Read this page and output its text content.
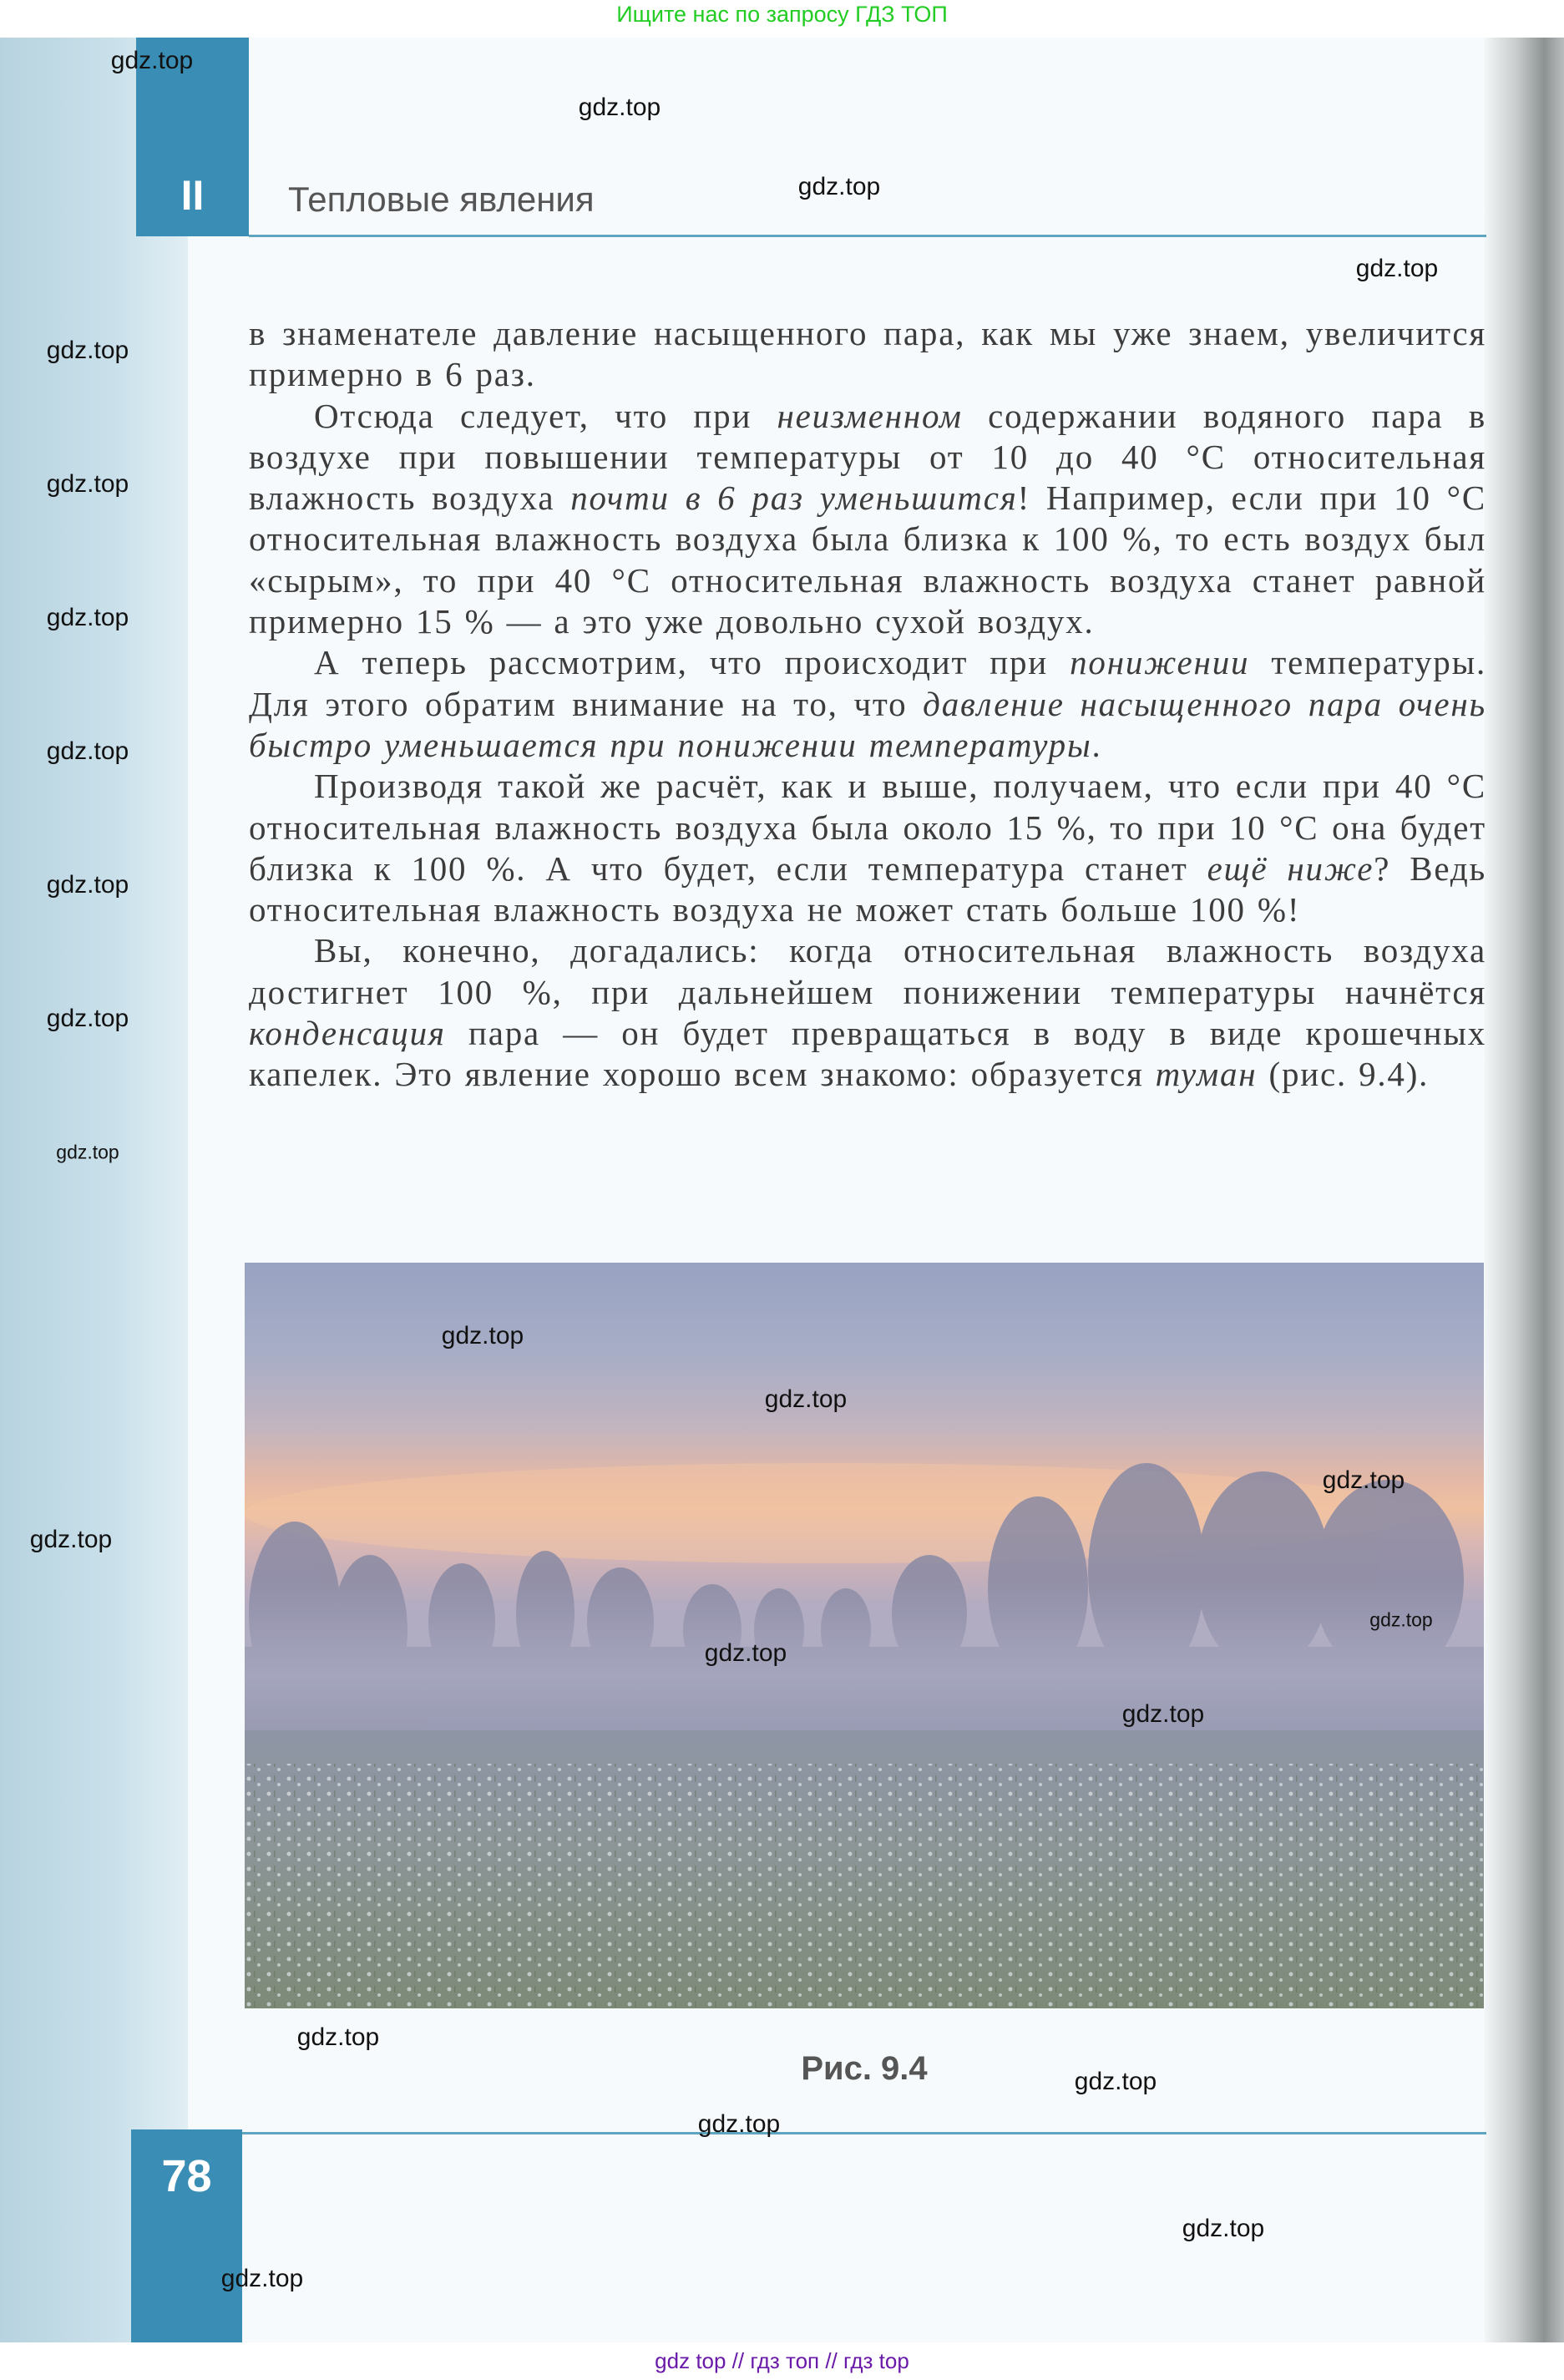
Ищите нас по запросу ГДЗ ТОП
II	Тепловые явления

в знаменателе давление насыщенного пара, как мы уже знаем, увеличится примерно в 6 раз.

Отсюда следует, что при неизменном содержании водяного пара в воздухе при повышении температуры от 10 до 40 °C относительная влажность воздуха почти в 6 раз уменьшится! Например, если при 10 °C относительная влажность воздуха была близка к 100 %, то есть воздух был «сырым», то при 40 °C относительная влажность воздуха станет равной примерно 15 % — а это уже довольно сухой воздух.

А теперь рассмотрим, что происходит при понижении температуры. Для этого обратим внимание на то, что давление насыщенного пара очень быстро уменьшается при понижении температуры.

Производя такой же расчёт, как и выше, получаем, что если при 40 °C относительная влажность воздуха была около 15 %, то при 10 °C она будет близка к 100 %. А что будет, если температура станет ещё ниже? Ведь относительная влажность воздуха не может стать больше 100 %!

Вы, конечно, догадались: когда относительная влажность воздуха достигнет 100 %, при дальнейшем понижении температуры начнётся конденсация пара — он будет превращаться в воду в виде крошечных капелек. Это явление хорошо всем знакомо: образуется туман (рис. 9.4).

Рис. 9.4
78
gdz top // гдз топ // гдз top
gdz.top
gdz.top
gdz.top
gdz.top
gdz.top
gdz.top
gdz.top
gdz.top
gdz.top
gdz.top
gdz.top
gdz.top
gdz.top
gdz.top
gdz.top
gdz.top
gdz.top
gdz.top
gdz.top
gdz.top
gdz.top
gdz.top
gdz.top
